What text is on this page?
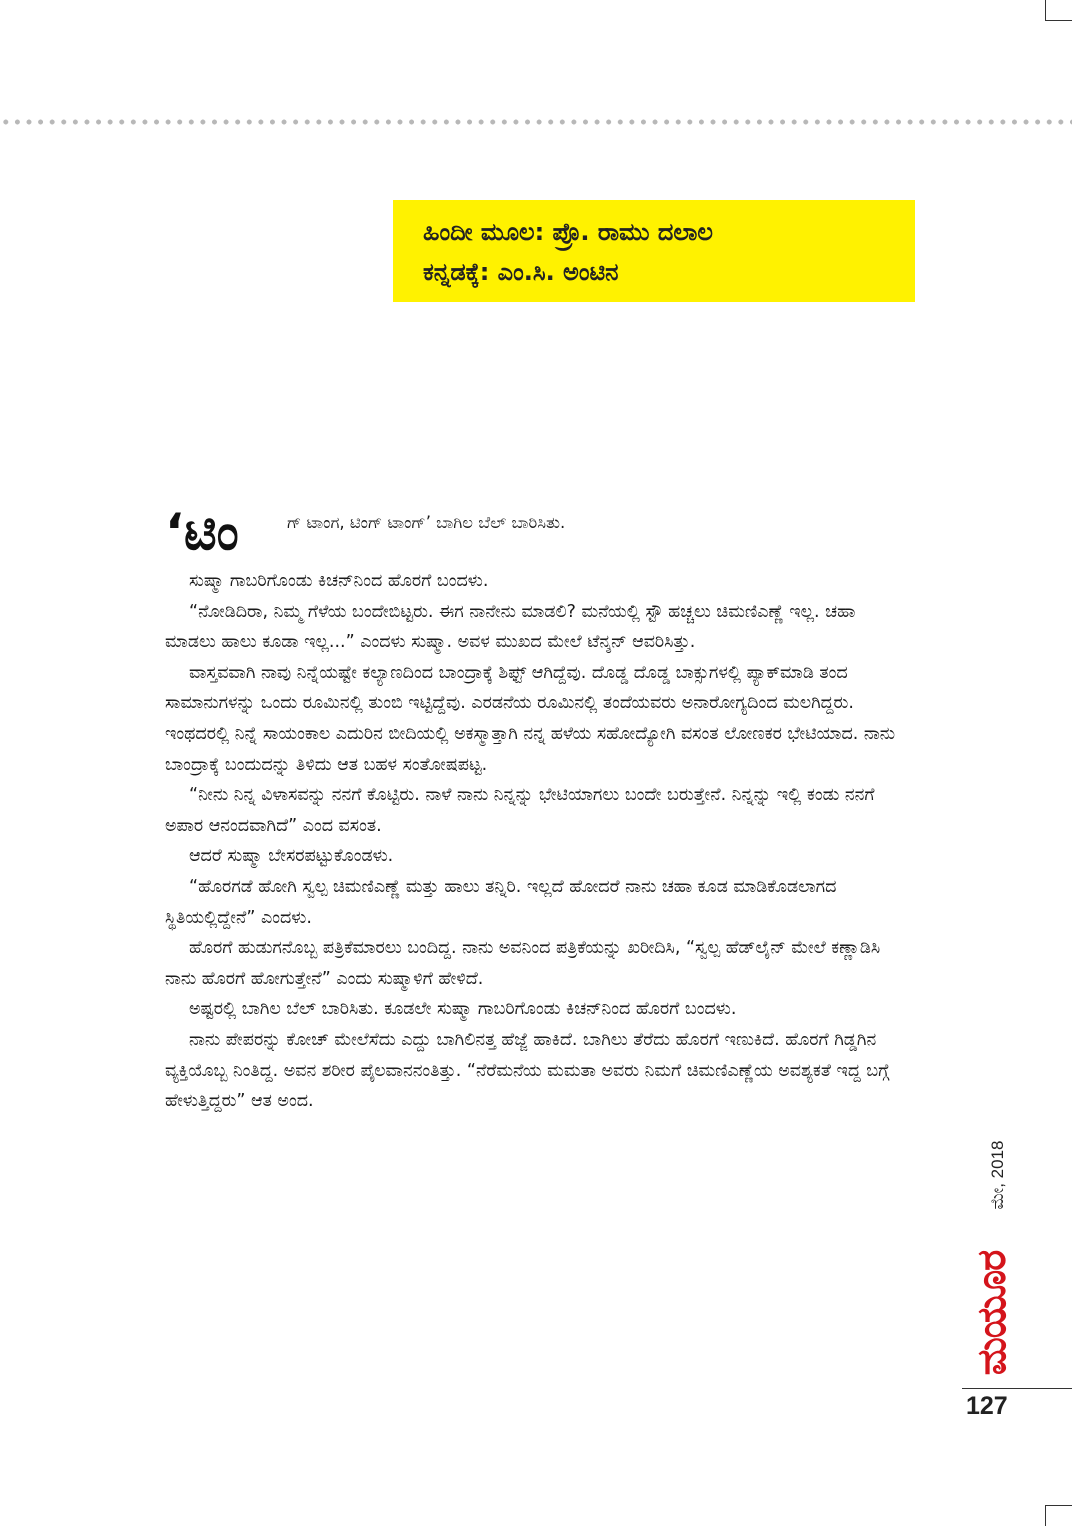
ಹಿಂದೀ ಮೂಲ: ಪ್ರೊ. ರಾಮು ದಲಾಲ
ಕನ್ನಡಕ್ಕೆ: ಎಂ.ಸಿ. ಅಂಟಿನ
‘ಟಿಂ	ಗ್ ಟಾಂಗ, ಟಿಂಗ್ ಟಾಂಗ್’ ಬಾಗಿಲ ಬೆಲ್ ಬಾರಿಸಿತು.

ಸುಷ್ಮಾ ಗಾಬರಿಗೊಂಡು ಕಿಚನ್‌ನಿಂದ ಹೊರಗೆ ಬಂದಳು.

“ನೋಡಿದಿರಾ, ನಿಮ್ಮ ಗೆಳೆಯ ಬಂದೇಬಿಟ್ಟರು. ಈಗ ನಾನೇನು ಮಾಡಲಿ? ಮನೆಯಲ್ಲಿ ಸ್ಟೌ ಹಚ್ಚಲು ಚಿಮಣಿಎಣ್ಣೆ ಇಲ್ಲ. ಚಹಾ ಮಾಡಲು ಹಾಲು ಕೂಡಾ ಇಲ್ಲ...” ಎಂದಳು ಸುಷ್ಮಾ. ಅವಳ ಮುಖದ ಮೇಲೆ ಟೆನ್ಶನ್ ಆವರಿಸಿತ್ತು.

ವಾಸ್ತವವಾಗಿ ನಾವು ನಿನ್ನೆಯಷ್ಟೇ ಕಲ್ಯಾಣದಿಂದ ಬಾಂದ್ರಾಕ್ಕೆ ಶಿಫ್ಟ್ ಆಗಿದ್ದೆವು. ದೊಡ್ಡ ದೊಡ್ಡ ಬಾಕ್ಸುಗಳಲ್ಲಿ ಪ್ಯಾಕ್‌ಮಾಡಿ ತಂದ ಸಾಮಾನುಗಳನ್ನು ಒಂದು ರೂಮಿನಲ್ಲಿ ತುಂಬಿ ಇಟ್ಟಿದ್ದೆವು. ಎರಡನೆಯ ರೂಮಿನಲ್ಲಿ ತಂದೆಯವರು ಅನಾರೋಗ್ಯದಿಂದ ಮಲಗಿದ್ದರು. ಇಂಥದರಲ್ಲಿ ನಿನ್ನೆ ಸಾಯಂಕಾಲ ಎದುರಿನ ಬೀದಿಯಲ್ಲಿ ಅಕಸ್ಮಾತ್ತಾಗಿ ನನ್ನ ಹಳೆಯ ಸಹೋದ್ಯೋಗಿ ವಸಂತ ಲೋಣಕರ ಭೇಟಿಯಾದ. ನಾನು ಬಾಂದ್ರಾಕ್ಕೆ ಬಂದುದನ್ನು ತಿಳಿದು ಆತ ಬಹಳ ಸಂತೋಷಪಟ್ಟ.

“ನೀನು ನಿನ್ನ ವಿಳಾಸವನ್ನು ನನಗೆ ಕೊಟ್ಟಿರು. ನಾಳೆ ನಾನು ನಿನ್ನನ್ನು ಭೇಟಿಯಾಗಲು ಬಂದೇ ಬರುತ್ತೇನೆ. ನಿನ್ನನ್ನು ಇಲ್ಲಿ ಕಂಡು ನನಗೆ ಅಪಾರ ಆನಂದವಾಗಿದೆ” ಎಂದ ವಸಂತ.

ಆದರೆ ಸುಷ್ಮಾ ಬೇಸರಪಟ್ಟುಕೊಂಡಳು.

“ಹೊರಗಡೆ ಹೋಗಿ ಸ್ವಲ್ಪ ಚಿಮಣಿಎಣ್ಣೆ ಮತ್ತು ಹಾಲು ತನ್ನಿರಿ. ಇಲ್ಲದೆ ಹೋದರೆ ನಾನು ಚಹಾ ಕೂಡ ಮಾಡಿಕೊಡಲಾಗದ ಸ್ಥಿತಿಯಲ್ಲಿದ್ದೇನೆ” ಎಂದಳು.

ಹೊರಗೆ ಹುಡುಗನೊಬ್ಬ ಪತ್ರಿಕೆಮಾರಲು ಬಂದಿದ್ದ. ನಾನು ಅವನಿಂದ ಪತ್ರಿಕೆಯನ್ನು ಖರೀದಿಸಿ, “ಸ್ವಲ್ಪ ಹೆಡ್‌ಲೈನ್ ಮೇಲೆ ಕಣ್ಣಾಡಿಸಿ ನಾನು ಹೊರಗೆ ಹೋಗುತ್ತೇನೆ” ಎಂದು ಸುಷ್ಮಾಳಿಗೆ ಹೇಳಿದೆ.

ಅಷ್ಟರಲ್ಲಿ ಬಾಗಿಲ ಬೆಲ್ ಬಾರಿಸಿತು. ಕೂಡಲೇ ಸುಷ್ಮಾ ಗಾಬರಿಗೊಂಡು ಕಿಚನ್‌ನಿಂದ ಹೊರಗೆ ಬಂದಳು.

ನಾನು ಪೇಪರನ್ನು ಕೋಚ್ ಮೇಲೆಸೆದು ಎದ್ದು ಬಾಗಿಲಿನತ್ತ ಹೆಜ್ಜೆ ಹಾಕಿದೆ. ಬಾಗಿಲು ತೆರೆದು ಹೊರಗೆ ಇಣುಕಿದೆ. ಹೊರಗೆ ಗಿಡ್ಡಗಿನ ವ್ಯಕ್ತಿಯೊಬ್ಬ ನಿಂತಿದ್ದ. ಅವನ ಶರೀರ ಪೈಲವಾನನಂತಿತ್ತು. “ನೆರೆಮನೆಯ ಮಮತಾ ಅವರು ನಿಮಗೆ ಚಿಮಣಿಎಣ್ಣೆಯ ಅವಶ್ಯಕತೆ ಇದ್ದ ಬಗ್ಗೆ ಹೇಳುತ್ತಿದ್ದರು” ಆತ ಅಂದ.

ಮೇ, 2018
ಮಯೂರ
127
